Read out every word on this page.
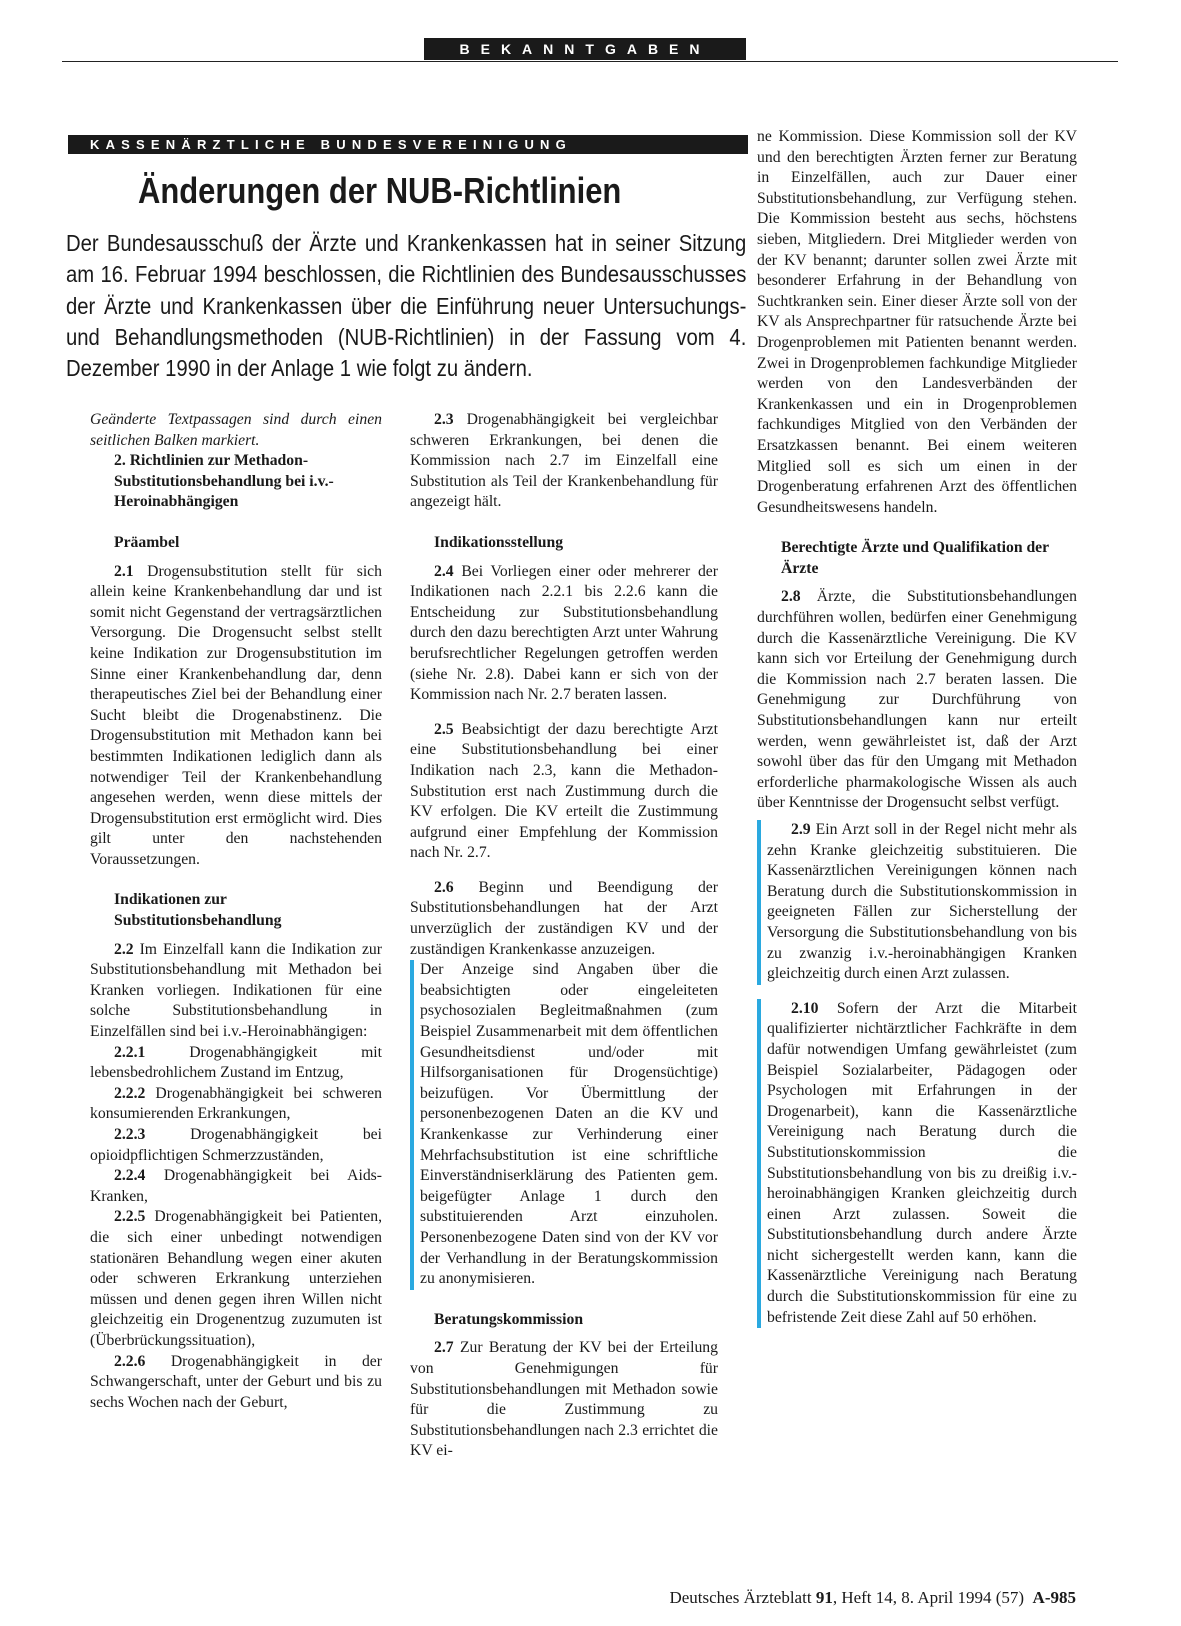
BEKANNTGABEN
KASSENÄRZTLICHE BUNDESVEREINIGUNG
Änderungen der NUB-Richtlinien

Der Bundesausschuß der Ärzte und Krankenkassen hat in seiner Sitzung am 16. Februar 1994 beschlossen, die Richtlinien des Bundesausschusses der Ärzte und Krankenkassen über die Einführung neuer Untersuchungs- und Behandlungsmethoden (NUB-Richtlinien) in der Fassung vom 4. Dezember 1990 in der Anlage 1 wie folgt zu ändern.

Geänderte Textpassagen sind durch einen seitlichen Balken markiert.

2. Richtlinien zur Methadon-Substitutionsbehandlung bei i.v.-Heroinabhängigen

Präambel

2.1 Drogensubstitution stellt für sich allein keine Krankenbehandlung dar und ist somit nicht Gegenstand der vertragsärztlichen Versorgung. Die Drogensucht selbst stellt keine Indikation zur Drogensubstitution im Sinne einer Krankenbehandlung dar, denn therapeutisches Ziel bei der Behandlung einer Sucht bleibt die Drogenabstinenz. Die Drogensubstitution mit Methadon kann bei bestimmten Indikationen lediglich dann als notwendiger Teil der Krankenbehandlung angesehen werden, wenn diese mittels der Drogensubstitution erst ermöglicht wird. Dies gilt unter den nachstehenden Voraussetzungen.

Indikationen zur Substitutionsbehandlung

2.2 Im Einzelfall kann die Indikation zur Substitutionsbehandlung mit Methadon bei Kranken vorliegen. Indikationen für eine solche Substitutionsbehandlung in Einzelfällen sind bei i.v.-Heroinabhängigen:

2.2.1	Drogenabhängigkeit mit lebensbedrohlichem Zustand im Entzug,

2.2.2 Drogenabhängigkeit bei schweren konsumierenden Erkrankungen,

2.2.3	Drogenabhängigkeit bei opioidpflichtigen Schmerzzuständen,

2.2.4 Drogenabhängigkeit bei Aids-Kranken,

2.2.5 Drogenabhängigkeit bei Patienten, die sich einer unbedingt notwendigen stationären Behandlung wegen einer akuten oder schweren Erkrankung unterziehen müssen und denen gegen ihren Willen nicht gleichzeitig ein Drogenentzug zuzumuten ist (Überbrückungssituation),

2.2.6 Drogenabhängigkeit in der Schwangerschaft, unter der Geburt und bis zu sechs Wochen nach der Geburt,

2.3 Drogenabhängigkeit bei vergleichbar schweren Erkrankungen, bei denen die Kommission nach 2.7 im Einzelfall eine Substitution als Teil der Krankenbehandlung für angezeigt hält.

Indikationsstellung

2.4 Bei Vorliegen einer oder mehrerer der Indikationen nach 2.2.1 bis 2.2.6 kann die Entscheidung zur Substitutionsbehandlung durch den dazu berechtigten Arzt unter Wahrung berufsrechtlicher Regelungen getroffen werden (siehe Nr. 2.8). Dabei kann er sich von der Kommission nach Nr. 2.7 beraten lassen.

2.5 Beabsichtigt der dazu berechtigte Arzt eine Substitutionsbehandlung bei einer Indikation nach 2.3, kann die Methadon-Substitution erst nach Zustimmung durch die KV erfolgen. Die KV erteilt die Zustimmung aufgrund einer Empfehlung der Kommission nach Nr. 2.7.

2.6 Beginn und Beendigung der Substitutionsbehandlungen hat der Arzt unverzüglich der zuständigen KV und der zuständigen Krankenkasse anzuzeigen.

Der Anzeige sind Angaben über die beabsichtigten oder eingeleiteten psychosozialen Begleitmaßnahmen (zum Beispiel Zusammenarbeit mit dem öffentlichen Gesundheitsdienst und/oder mit Hilfsorganisationen für Drogensüchtige) beizufügen. Vor Übermittlung der personenbezogenen Daten an die KV und Krankenkasse zur Verhinderung einer Mehrfachsubstitution ist eine schriftliche Einverständniserklärung des Patienten gem. beigefügter Anlage 1 durch den substituierenden Arzt einzuholen. Personenbezogene Daten sind von der KV vor der Verhandlung in der Beratungskommission zu anonymisieren.

Beratungskommission

2.7 Zur Beratung der KV bei der Erteilung von Genehmigungen für Substitutionsbehandlungen mit Methadon sowie für die Zustimmung zu Substitutionsbehandlungen nach 2.3 errichtet die KV ei-

ne Kommission. Diese Kommission soll der KV und den berechtigten Ärzten ferner zur Beratung in Einzelfällen, auch zur Dauer einer Substitutionsbehandlung, zur Verfügung stehen. Die Kommission besteht aus sechs, höchstens sieben, Mitgliedern. Drei Mitglieder werden von der KV benannt; darunter sollen zwei Ärzte mit besonderer Erfahrung in der Behandlung von Suchtkranken sein. Einer dieser Ärzte soll von der KV als Ansprechpartner für ratsuchende Ärzte bei Drogenproblemen mit Patienten benannt werden. Zwei in Drogenproblemen fachkundige Mitglieder werden von den Landesverbänden der Krankenkassen und ein in Drogenproblemen fachkundiges Mitglied von den Verbänden der Ersatzkassen benannt. Bei einem weiteren Mitglied soll es sich um einen in der Drogenberatung erfahrenen Arzt des öffentlichen Gesundheitswesens handeln.

Berechtigte Ärzte und Qualifikation der Ärzte

2.8 Ärzte, die Substitutionsbehandlungen durchführen wollen, bedürfen einer Genehmigung durch die Kassenärztliche Vereinigung. Die KV kann sich vor Erteilung der Genehmigung durch die Kommission nach 2.7 beraten lassen. Die Genehmigung zur Durchführung von Substitutionsbehandlungen kann nur erteilt werden, wenn gewährleistet ist, daß der Arzt sowohl über das für den Umgang mit Methadon erforderliche pharmakologische Wissen als auch über Kenntnisse der Drogensucht selbst verfügt.

2.9 Ein Arzt soll in der Regel nicht mehr als zehn Kranke gleichzeitig substituieren. Die Kassenärztlichen Vereinigungen können nach Beratung durch die Substitutionskommission in geeigneten Fällen zur Sicherstellung der Versorgung die Substitutionsbehandlung von bis zu zwanzig i.v.-heroinabhängigen Kranken gleichzeitig durch einen Arzt zulassen.

2.10 Sofern der Arzt die Mitarbeit qualifizierter nichtärztlicher Fachkräfte in dem dafür notwendigen Umfang gewährleistet (zum Beispiel Sozialarbeiter, Pädagogen oder Psychologen mit Erfahrungen in der Drogenarbeit), kann die Kassenärztliche Vereinigung nach Beratung durch die Substitutionskommission die Substitutionsbehandlung von bis zu dreißig i.v.-heroinabhängigen Kranken gleichzeitig durch einen Arzt zulassen. Soweit die Substitutionsbehandlung durch andere Ärzte nicht sichergestellt werden kann, kann die Kassenärztliche Vereinigung nach Beratung durch die Substitutionskommission für eine zu befristende Zeit diese Zahl auf 50 erhöhen.

Deutsches Ärzteblatt 91, Heft 14, 8. April 1994 (57) A-985
